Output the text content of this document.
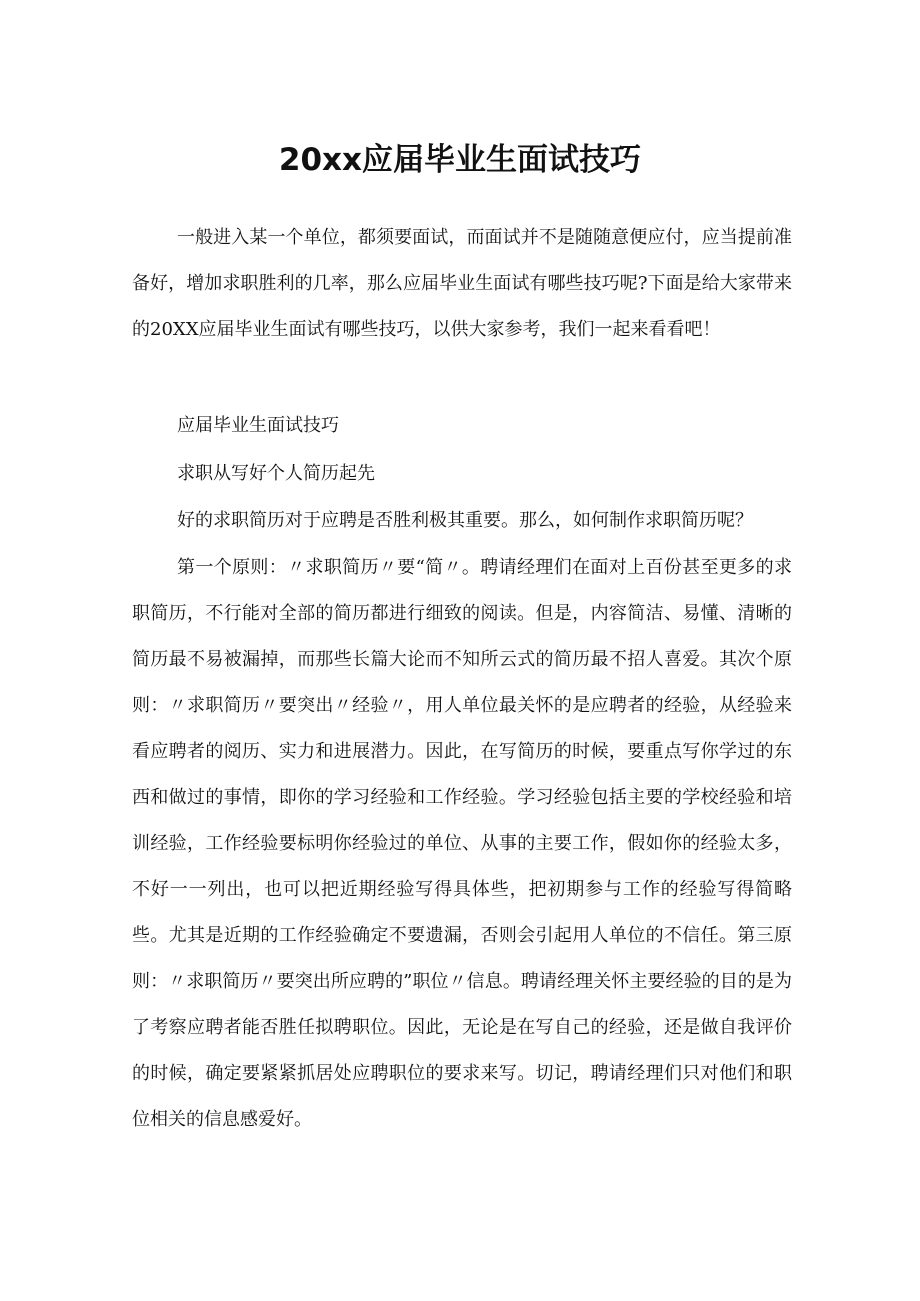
20xx应届毕业生面试技巧

一般进入某一个单位，都须要面试，而面试并不是随随意便应付，应当提前准备好，增加求职胜利的几率，那么应届毕业生面试有哪些技巧呢?下面是给大家带来的20XX应届毕业生面试有哪些技巧，以供大家参考，我们一起来看看吧！

应届毕业生面试技巧

求职从写好个人简历起先

好的求职简历对于应聘是否胜利极其重要。那么，如何制作求职简历呢？

第一个原则：〃求职简历〃要“简〃。聘请经理们在面对上百份甚至更多的求职简历，不行能对全部的简历都进行细致的阅读。但是，内容简洁、易懂、清晰的简历最不易被漏掉，而那些长篇大论而不知所云式的简历最不招人喜爱。其次个原则：〃求职简历〃要突出〃经验〃，用人单位最关怀的是应聘者的经验，从经验来看应聘者的阅历、实力和进展潜力。因此，在写简历的时候，要重点写你学过的东西和做过的事情，即你的学习经验和工作经验。学习经验包括主要的学校经验和培训经验，工作经验要标明你经验过的单位、从事的主要工作，假如你的经验太多，不好一一列出，也可以把近期经验写得具体些，把初期参与工作的经验写得简略些。尤其是近期的工作经验确定不要遗漏，否则会引起用人单位的不信任。第三原则：〃求职简历〃要突出所应聘的”职位〃信息。聘请经理关怀主要经验的目的是为了考察应聘者能否胜任拟聘职位。因此，无论是在写自己的经验，还是做自我评价的时候，确定要紧紧抓居处应聘职位的要求来写。切记，聘请经理们只对他们和职位相关的信息感爱好。
